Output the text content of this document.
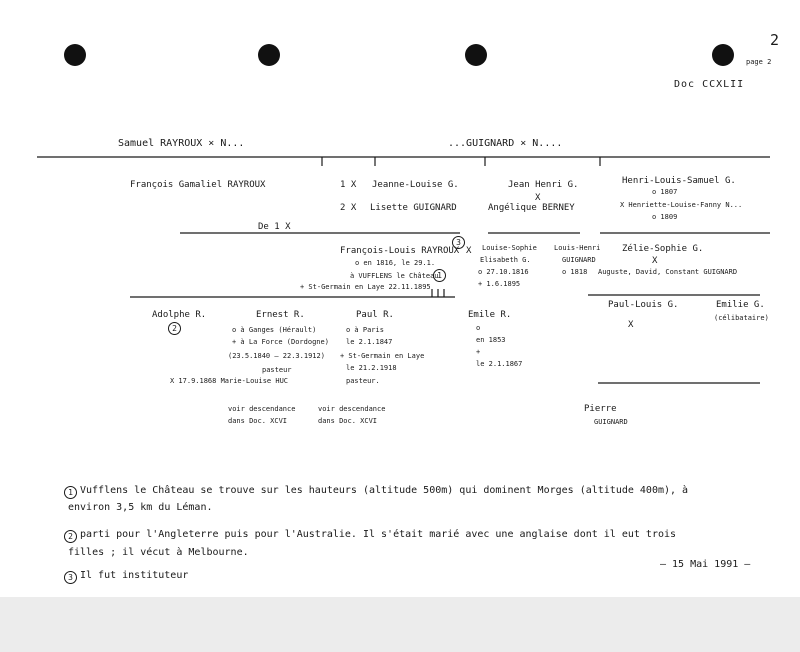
2
page 2
Doc CCXLII
Samuel RAYROUX × N...	...GUIGNARD × N....
François Gamaliel RAYROUX	1 X
2 X
Jeanne-Louise G.
Lisette GUIGNARD
Jean Henri G.
X
Angélique BERNEY
Henri-Louis-Samuel G.
o 1807
X Henriette-Louise-Fanny N...
o 1809
De 1 X
François-Louis RAYROUX
3
o en 1816, le 29.1.
à VUFFLENS le Château
1
+ St-Germain en Laye 22.11.1895
X Louise-Sophie
Elisabeth G.
o 27.10.1816
+ 1.6.1895
Louis-Henri
GUIGNARD
o 1818
Zélie-Sophie G.
X
Auguste, David, Constant GUIGNARD
Adolphe R.
2
Ernest R.
o à Ganges (Hérault)
+ à La Force (Dordogne)
(23.5.1840 – 22.3.1912)
pasteur
X 17.9.1868 Marie-Louise HUC
voir descendance
dans Doc. XCVI
Paul R.
o à Paris
le 2.1.1847
+ St-Germain en Laye
le 21.2.1918
pasteur.
voir descendance
dans Doc. XCVI
Emile R.
o
en 1853
+
le 2.1.1867
Paul-Louis G.
X
Emilie G.
(célibataire)
Pierre
GUIGNARD
1 Vufflens le Château se trouve sur les hauteurs (altitude 500m) qui dominent Morges (altitude 400m), à
environ 3,5 km du Léman.
2 parti pour l'Angleterre puis pour l'Australie. Il s'était marié avec une anglaise dont il eut trois
filles ; il vécut à Melbourne.
– 15 Mai 1991 –
3 Il fut instituteur
